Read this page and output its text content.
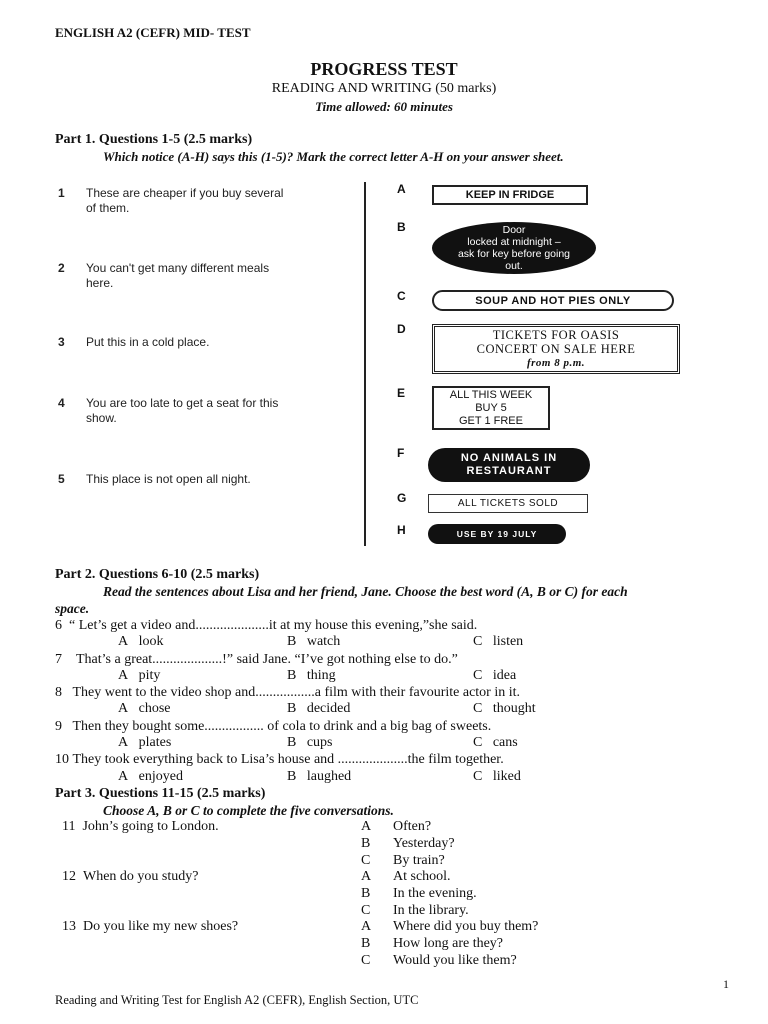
ENGLISH A2 (CEFR) MID- TEST
PROGRESS TEST
READING AND WRITING (50 marks)
Time allowed: 60 minutes
Part 1. Questions 1-5 (2.5 marks)
Which notice (A-H) says this (1-5)? Mark the correct letter A-H on your answer sheet.
1	These are cheaper if you buy several
of them.
2	You can't get many different meals
here.
3	Put this in a cold place.
4	You are too late to get a seat for this
show.
5	This place is not open all night.
A
B
C
D
E
F
G
H
KEEP IN FRIDGE
Door
locked at midnight –
ask for key before going
out.
SOUP AND HOT PIES ONLY
TICKETS FOR OASIS
CONCERT ON SALE HERE
from 8 p.m.
ALL THIS WEEK
BUY 5
GET 1 FREE
NO ANIMALS IN
RESTAURANT
ALL TICKETS SOLD
USE BY 19 JULY
Part 2. Questions 6-10 (2.5 marks)
Read the sentences about Lisa and her friend, Jane. Choose the best word (A, B or C) for each
space.
6 “ Let’s get a video and.....................it at my house this evening,”she said.
A look	B watch	C listen
7 That’s a great....................!” said Jane. “I’ve got nothing else to do.”
A pity	B thing	C idea
8 They went to the video shop and.................a film with their favourite actor in it.
A chose	B decided	C thought
9 Then they bought some................. of cola to drink and a big bag of sweets.
A plates	B cups	C cans
10 They took everything back to Lisa’s house and ....................the film together.
A enjoyed	B laughed	C liked
Part 3. Questions 11-15 (2.5 marks)
Choose A, B or C to complete the five conversations.
11 John’s going to London.	A Often?
B Yesterday?
C By train?
12 When do you study?	A At school.
B In the evening.
C In the library.
13 Do you like my new shoes?	A Where did you buy them?
B How long are they?
C Would you like them?
1
Reading and Writing Test for English A2 (CEFR), English Section, UTC
